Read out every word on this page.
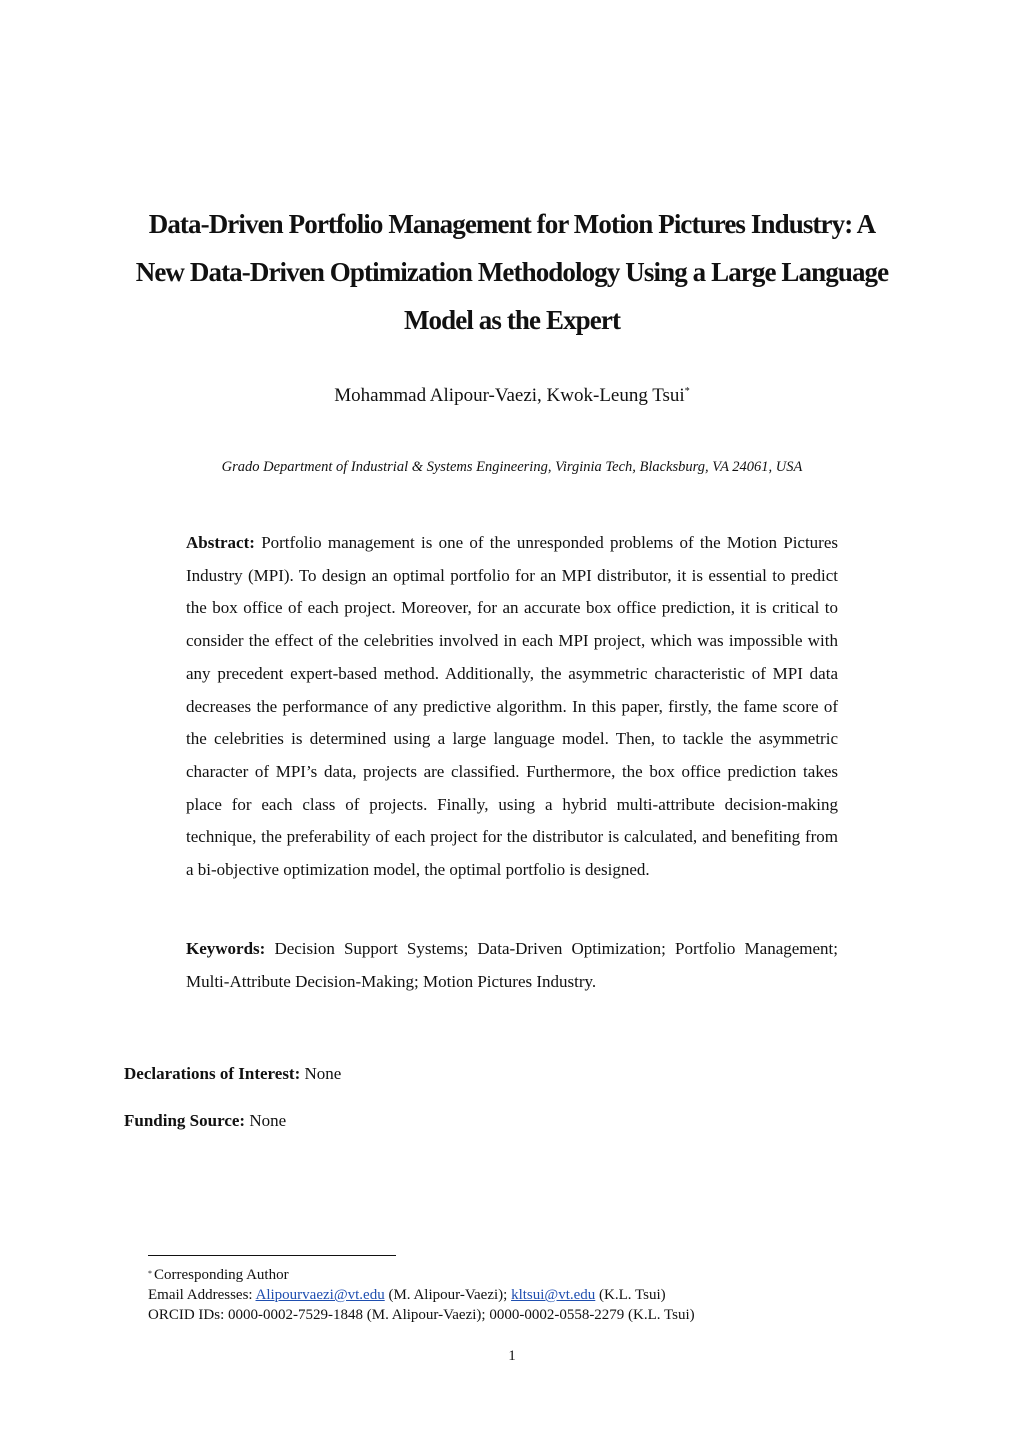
Data-Driven Portfolio Management for Motion Pictures Industry: A
New Data-Driven Optimization Methodology Using a Large Language
Model as the Expert
Mohammad Alipour-Vaezi, Kwok-Leung Tsui*
Grado Department of Industrial & Systems Engineering, Virginia Tech, Blacksburg, VA 24061, USA

Abstract: Portfolio management is one of the unresponded problems of the Motion Pictures Industry (MPI). To design an optimal portfolio for an MPI distributor, it is essential to predict the box office of each project. Moreover, for an accurate box office prediction, it is critical to consider the effect of the celebrities involved in each MPI project, which was impossible with any precedent expert-based method. Additionally, the asymmetric characteristic of MPI data decreases the performance of any predictive algorithm. In this paper, firstly, the fame score of the celebrities is determined using a large language model. Then, to tackle the asymmetric character of MPI’s data, projects are classified. Furthermore, the box office prediction takes place for each class of projects. Finally, using a hybrid multi-attribute decision-making technique, the preferability of each project for the distributor is calculated, and benefiting from a bi-objective optimization model, the optimal portfolio is designed.

Keywords: Decision Support Systems; Data-Driven Optimization; Portfolio Management; Multi-Attribute Decision-Making; Motion Pictures Industry.

Declarations of Interest: None
Funding Source: None
* Corresponding Author
Email Addresses: Alipourvaezi@vt.edu (M. Alipour-Vaezi); kltsui@vt.edu (K.L. Tsui)
ORCID IDs: 0000-0002-7529-1848 (M. Alipour-Vaezi); 0000-0002-0558-2279 (K.L. Tsui)
1
